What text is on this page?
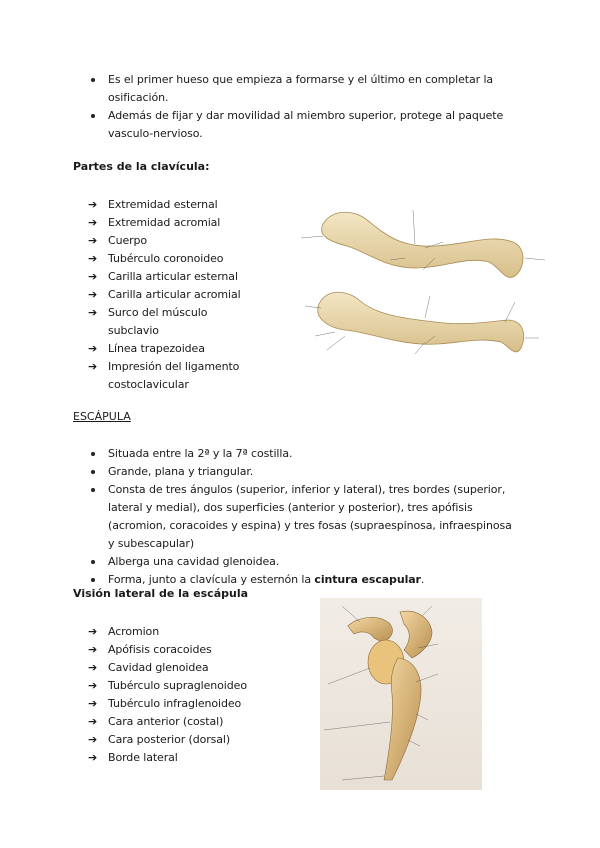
Es el primer hueso que empieza a formarse y el último en completar la osificación.
Además de fijar y dar movilidad al miembro superior, protege al paquete vasculo-nervioso.
Partes de la clavícula:
➔ Extremidad esternal
➔ Extremidad acromial
➔ Cuerpo
➔ Tubérculo coronoideo
➔ Carilla articular esternal
➔ Carilla articular acromial
➔ Surco del músculo subclavio
➔ Línea trapezoidea
➔ Impresión del ligamento costoclavicular
ESCÁPULA
Situada entre la 2ª y la 7ª costilla.
Grande, plana y triangular.
Consta de tres ángulos (superior, inferior y lateral), tres bordes (superior, lateral y medial), dos superficies (anterior y posterior), tres apófisis (acromion, coracoides y espina) y tres fosas (supraespinosa, infraespinosa y subescapular)
Alberga una cavidad glenoidea.
Forma, junto a clavícula y esternón la cintura escapular.
Visión lateral de la escápula
➔ Acromion
➔ Apófisis coracoides
➔ Cavidad glenoidea
➔ Tubérculo supraglenoideo
➔ Tubérculo infraglenoideo
➔ Cara anterior (costal)
➔ Cara posterior (dorsal)
➔ Borde lateral
